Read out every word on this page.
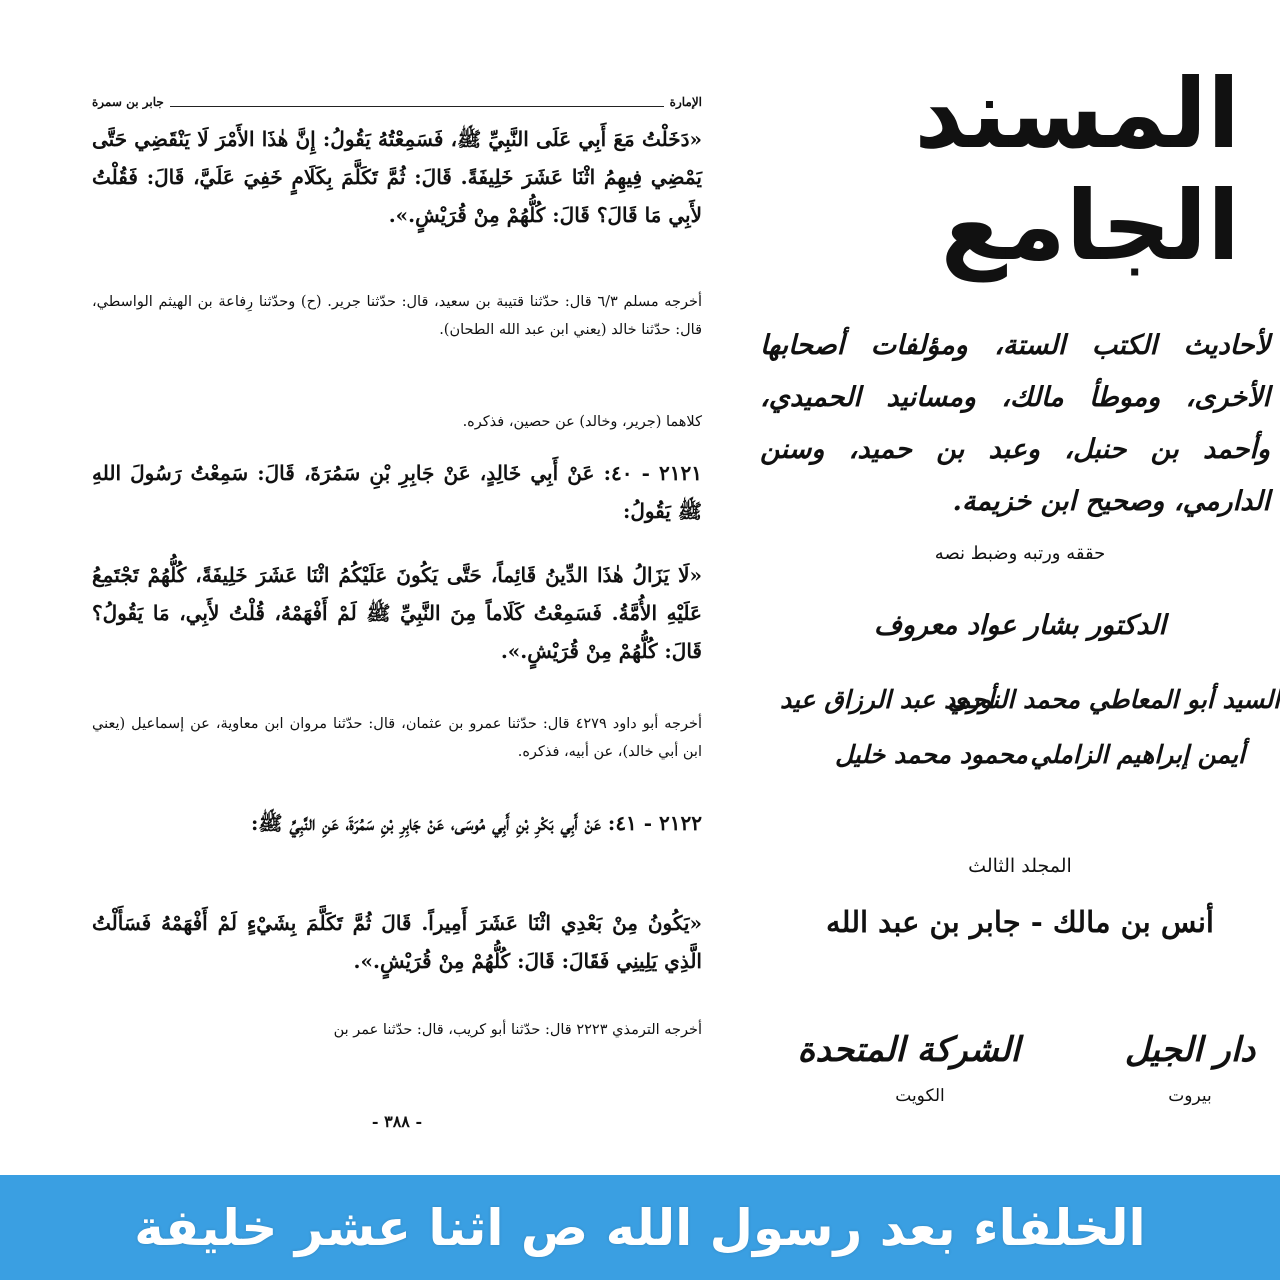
الإمارة
جابر بن سمرة
«دَخَلْتُ مَعَ أَبِي عَلَى النَّبِيِّ ﷺ، فَسَمِعْتُهُ يَقُولُ: إِنَّ هٰذَا الأَمْرَ لَا يَنْقَضِي حَتَّى يَمْضِي فِيهِمُ اثْنَا عَشَرَ خَلِيفَةً. قَالَ: ثُمَّ تَكَلَّمَ بِكَلَامٍ خَفِيَ عَلَيَّ، قَالَ: فَقُلْتُ لأَبِي مَا قَالَ؟ قَالَ: كُلُّهُمْ مِنْ قُرَيْشٍ.».
أخرجه مسلم ٦/٣ قال: حدّثنا قتيبة بن سعيد، قال: حدّثنا جرير. (ح) وحدّثنا رِفاعة بن الهيثم الواسطي، قال: حدّثنا خالد (يعني ابن عبد الله الطحان).
كلاهما (جرير، وخالد) عن حصين، فذكره.
٢١٢١ - ٤٠: عَنْ أَبِي خَالِدٍ، عَنْ جَابِرِ بْنِ سَمُرَةَ، قَالَ: سَمِعْتُ رَسُولَ اللهِ ﷺ يَقُولُ:
«لَا يَزَالُ هٰذَا الدِّينُ قَائِماً، حَتَّى يَكُونَ عَلَيْكُمُ اثْنَا عَشَرَ خَلِيفَةً، كُلُّهُمْ تَجْتَمِعُ عَلَيْهِ الأُمَّةُ. فَسَمِعْتُ كَلَاماً مِنَ النَّبِيِّ ﷺ لَمْ أَفْهَمْهُ، قُلْتُ لأَبِي، مَا يَقُولُ؟ قَالَ: كُلُّهُمْ مِنْ قُرَيْشٍ.».
أخرجه أبو داود ٤٢٧٩ قال: حدّثنا عمرو بن عثمان، قال: حدّثنا مروان ابن معاوية، عن إسماعيل (يعني ابن أبي خالد)، عن أبيه، فذكره.
٢١٢٢ - ٤١: عَنْ أَبِي بَكْرِ بْنِ أَبِي مُوسَى، عَنْ جَابِرِ بْنِ سَمُرَةَ، عَنِ النَّبِيِّ ﷺ:
«يَكُونُ مِنْ بَعْدِي اثْنَا عَشَرَ أَمِيراً. قَالَ ثُمَّ تَكَلَّمَ بِشَيْءٍ لَمْ أَفْهَمْهُ فَسَأَلْتُ الَّذِي يَلِينِي فَقَالَ: قَالَ: كُلُّهُمْ مِنْ قُرَيْشٍ.».
أخرجه الترمذي ٢٢٢٣ قال: حدّثنا أبو كريب، قال: حدّثنا عمر بن
- ٣٨٨ -
المسند الجامع
لأحاديث الكتب الستة، ومؤلفات أصحابها الأخرى، وموطأ مالك، ومسانيد الحميدي، وأحمد بن حنبل، وعبد بن حميد، وسنن الدارمي، وصحيح ابن خزيمة.
حققه ورتبه وضبط نصه
الدكتور بشار عواد معروف
السيد أبو المعاطي محمد النوري
أحمد عبد الرزاق عيد
أيمن إبراهيم الزاملي
محمود محمد خليل
المجلد الثالث
أنس بن مالك - جابر بن عبد الله
دار الجيل
بيروت
الشركة المتحدة
الكويت
الخلفاء بعد رسول الله ص اثنا عشر خليفة
